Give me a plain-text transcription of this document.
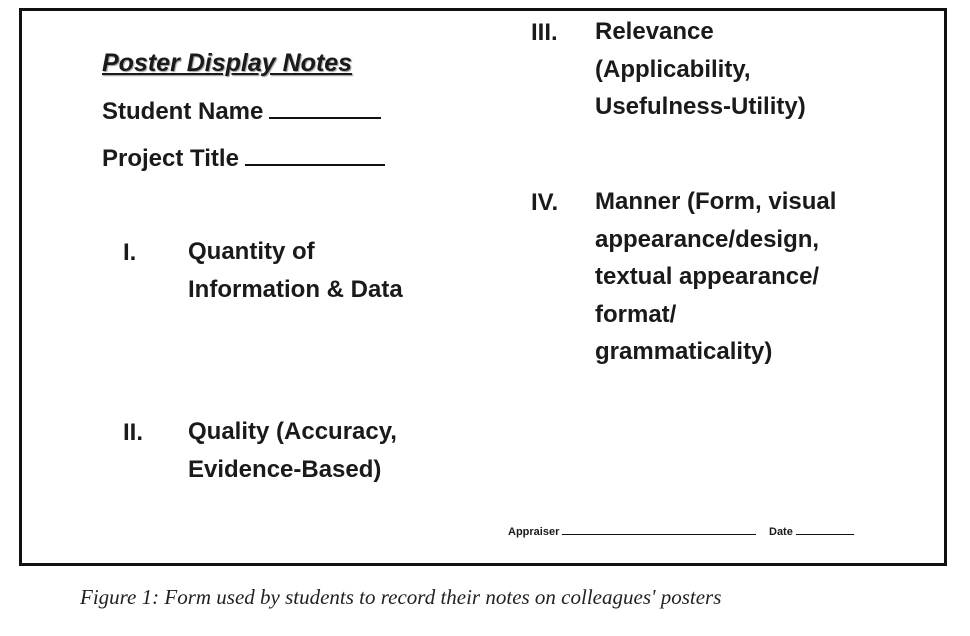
Poster Display Notes
Student Name
Project Title
I. Quantity of Information & Data
II. Quality (Accuracy, Evidence-Based)
III. Relevance (Applicability, Usefulness-Utility)
IV. Manner (Form, visual appearance/design, textual appearance/ format/ grammaticality)
Appraiser	Date
Figure 1: Form used by students to record their notes on colleagues' posters
